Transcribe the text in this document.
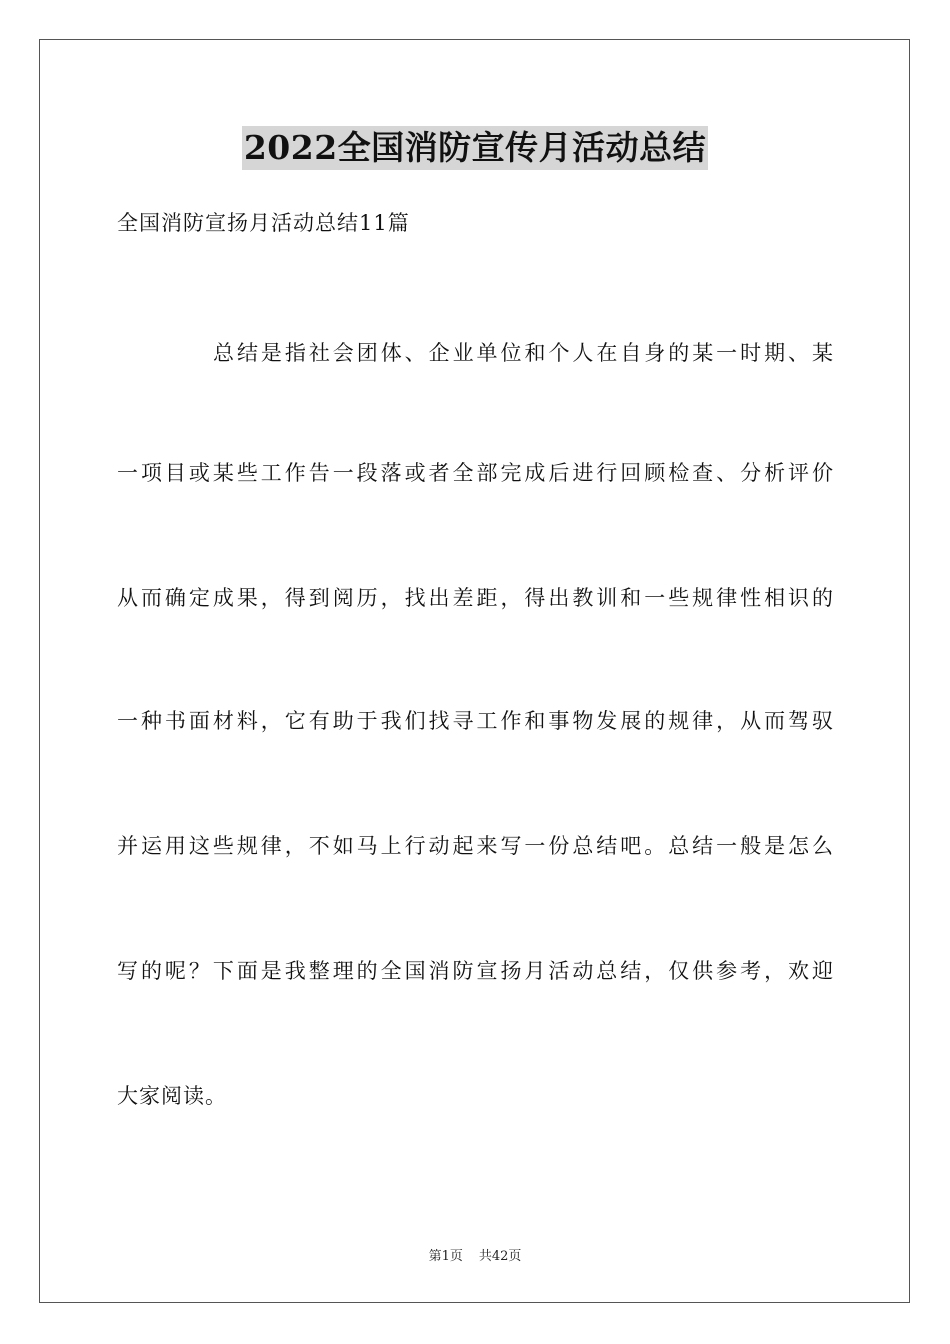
2022全国消防宣传月活动总结
全国消防宣扬月活动总结11篇
总结是指社会团体、企业单位和个人在自身的某一时期、某
一项目或某些工作告一段落或者全部完成后进行回顾检查、分析评价
从而确定成果，得到阅历，找出差距，得出教训和一些规律性相识的
一种书面材料，它有助于我们找寻工作和事物发展的规律，从而驾驭
并运用这些规律，不如马上行动起来写一份总结吧。总结一般是怎么
写的呢？下面是我整理的全国消防宣扬月活动总结，仅供参考，欢迎
大家阅读。
第1页 共42页
